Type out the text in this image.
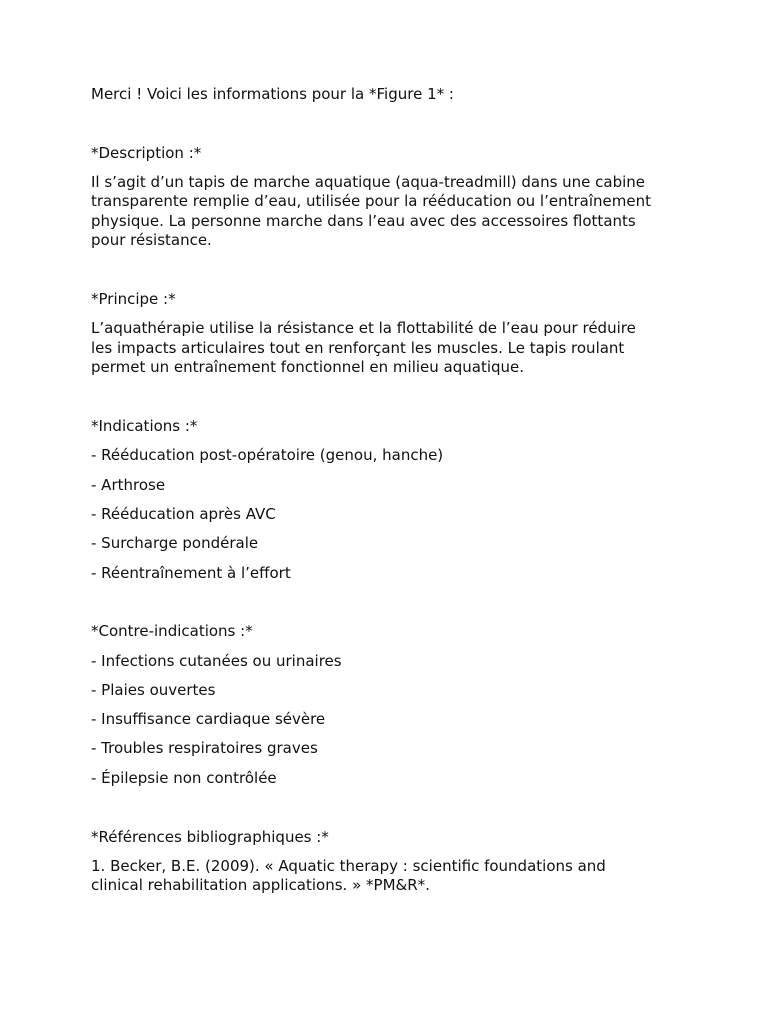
Merci ! Voici les informations pour la *Figure 1* :
*Description :*
Il s’agit d’un tapis de marche aquatique (aqua-treadmill) dans une cabine
transparente remplie d’eau, utilisée pour la rééducation ou l’entraînement
physique. La personne marche dans l’eau avec des accessoires flottants
pour résistance.
*Principe :*
L’aquathérapie utilise la résistance et la flottabilité de l’eau pour réduire
les impacts articulaires tout en renforçant les muscles. Le tapis roulant
permet un entraînement fonctionnel en milieu aquatique.
*Indications :*
- Rééducation post-opératoire (genou, hanche)
- Arthrose
- Rééducation après AVC
- Surcharge pondérale
- Réentraînement à l’effort
*Contre-indications :*
- Infections cutanées ou urinaires
- Plaies ouvertes
- Insuffisance cardiaque sévère
- Troubles respiratoires graves
- Épilepsie non contrôlée
*Références bibliographiques :*
1. Becker, B.E. (2009). « Aquatic therapy : scientific foundations and
clinical rehabilitation applications. » *PM&R*.
